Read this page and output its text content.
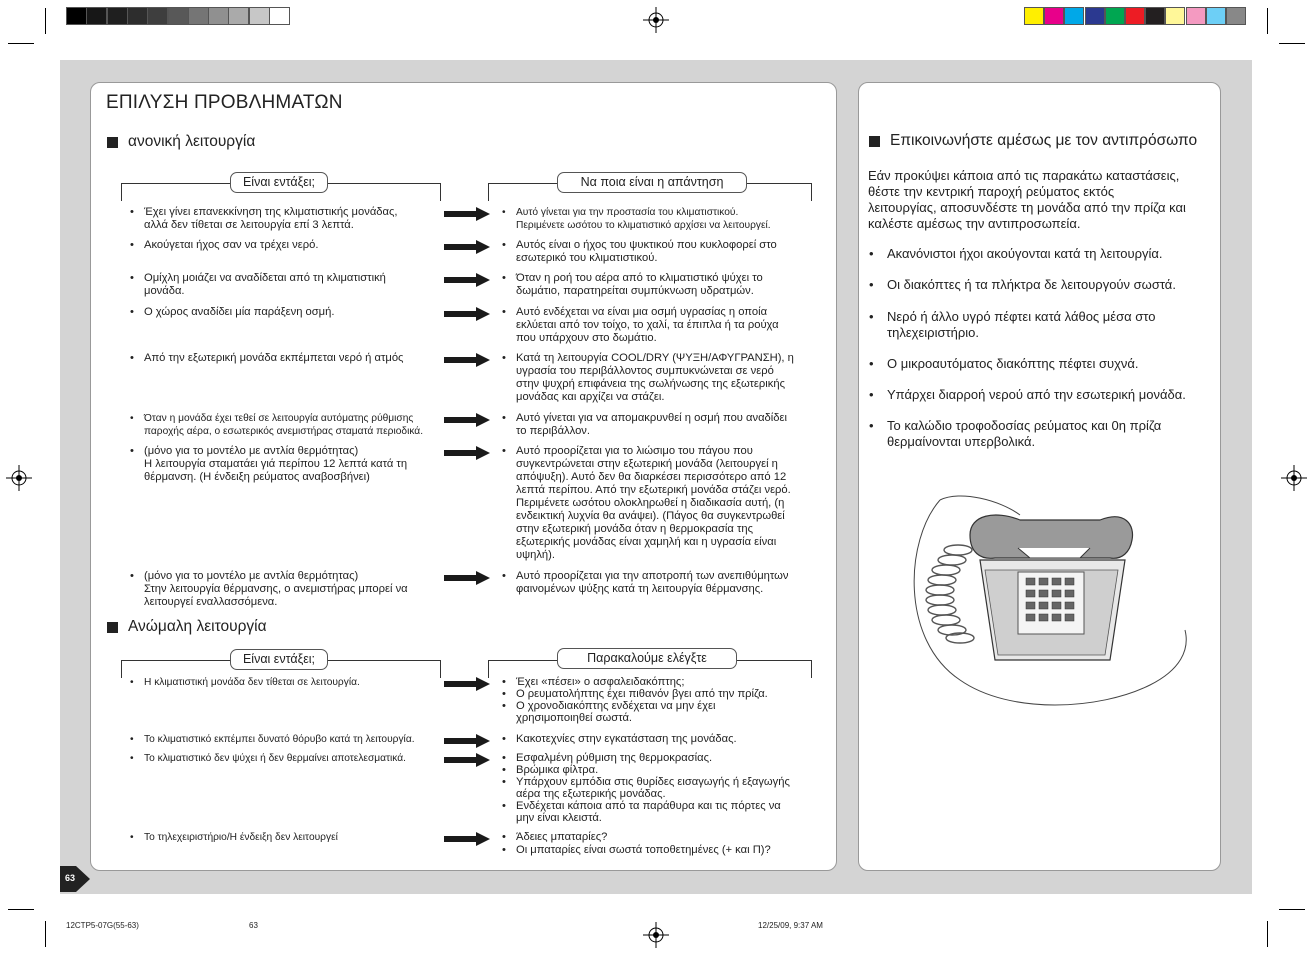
ΕΠΙΛΥΣΗ ΠΡΟΒΛΗΜΑΤΩΝ
ανονική λειτουργία
Είναι εντάξει;	Να ποια είναι η απάντηση
• Έχει γίνει επανεκκίνηση της κλιματιστικής μονάδας,
αλλά δεν τίθεται σε λειτουργία επί 3 λεπτά.
• Αυτό γίνεται για την προστασία του κλιματιστικού.
Περιμένετε ωσότου το κλιματιστικό αρχίσει να λειτουργεί.
• Ακούγεται ήχος σαν να τρέχει νερό.	• Αυτός είναι ο ήχος του ψυκτικού που κυκλοφορεί στο
εσωτερικό του κλιματιστικού.
• Ομίχλη μοιάζει να αναδίδεται από τη κλιματιστική
μονάδα.
• Όταν η ροή του αέρα από το κλιματιστικό ψύχει το
δωμάτιο, παρατηρείται συμπύκνωση υδρατμών.
• Ο χώρος αναδίδει μία παράξενη οσμή.	• Αυτό ενδέχεται να είναι μια οσμή υγρασίας η οποία
εκλύεται από τον τοίχο, το χαλί, τα έπιπλα ή τα ρούχα
που υπάρχουν στο δωμάτιο.
• Από την εξωτερική μονάδα εκπέμπεται νερό ή ατμός	• Κατά τη λειτουργία COOL/DRY (ΨΥΞΗ/ΑΦΥΓΡΑΝΣΗ), η
υγρασία του περιβάλλοντος συμπυκνώνεται σε νερό
στην ψυχρή επιφάνεια της σωλήνωσης της εξωτερικής
μονάδας και αρχίζει να στάζει.
• Όταν η μονάδα έχει τεθεί σε λειτουργία αυτόματης ρύθμισης
παροχής αέρα, ο εσωτερικός ανεμιστήρας σταματά περιοδικά.
• Αυτό γίνεται για να απομακρυνθεί η οσμή που αναδίδει
το περιβάλλον.
• (μόνο για το μοντέλο με αντλία θερμότητας)
Η λειτουργία σταματάει γιά περίπου 12 λεπτά κατά τη
θέρμανση. (Η ένδειξη ρεύματος αναβοσβήνει)
• Αυτό προορίζεται για το λιώσιμο του πάγου που
συγκεντρώνεται στην εξωτερική μονάδα (λειτουργεί η
απόψυξη). Αυτό δεν θα διαρκέσει περισσότερο από 12
λεπτά περίπου. Από την εξωτερική μονάδα στάζει νερό.
Περιμένετε ωσότου ολοκληρωθεί η διαδικασία αυτή, (η
ενδεικτική λυχνία θα ανάψει). (Πάγος θα συγκεντρωθεί
στην εξωτερική μονάδα όταν η θερμοκρασία της
εξωτερικής μονάδας είναι χαμηλή και η υγρασία είναι
υψηλή).
• (μόνο για το μοντέλο με αντλία θερμότητας)
Στην λειτουργία θέρμανσης, ο ανεμιστήρας μπορεί να
λειτουργεί εναλλασσόμενα.
• Αυτό προορίζεται για την αποτροπή των ανεπιθύμητων
φαινομένων ψύξης κατά τη λειτουργία θέρμανσης.
Ανώμαλη λειτουργία
Είναι εντάξει;	Παρακαλούμε ελέγξτε
• Η κλιματιστική μονάδα δεν τίθεται σε λειτουργία.	• Έχει «πέσει» ο ασφαλειδακόπτης;
• Ο ρευματολήπτης έχει πιθανόν βγει από την πρίζα.
• Ο χρονοδιακόπτης ενδέχεται να μην έχει
χρησιμοποιηθεί σωστά.
• Το κλιματιστικό εκπέμπει δυνατό θόρυβο κατά τη λειτουργία.	• Κακοτεχνίες στην εγκατάσταση της μονάδας.
• Το κλιματιστικό δεν ψύχει ή δεν θερμαίνει αποτελεσματικά.	• Εσφαλμένη ρύθμιση της θερμοκρασίας.
• Βρώμικα φίλτρα.
• Υπάρχουν εμπόδια στις θυρίδες εισαγωγής ή εξαγωγής
αέρα της εξωτερικής μονάδας.
• Ενδέχεται κάποια από τα παράθυρα και τις πόρτες να
μην είναι κλειστά.
• Το τηλεχειριστήριο/Η ένδειξη δεν λειτουργεί	• Άδειες μπαταρίες?
• Οι μπαταρίες είναι σωστά τοποθετημένες (+ και Π)?
Επικοινωνήστε αμέσως με τον αντιπρόσωπο
Εάν προκύψει κάποια από τις παρακάτω καταστάσεις,
θέστε την κεντρική παροχή ρεύματος εκτός
λειτουργίας, αποσυνδέστε τη μονάδα από την πρίζα και
καλέστε αμέσως την αντιπροσωπεία.
• Ακανόνιστοι ήχοι ακούγονται κατά τη λειτουργία.
• Οι διακόπτες ή τα πλήκτρα δε λειτουργούν σωστά.
• Νερό ή άλλο υγρό πέφτει κατά λάθος μέσα στο
τηλεχειριστήριο.
• Ο μικροαυτόματος διακόπτης πέφτει συχνά.
• Υπάρχει διαρροή νερού από την εσωτερική μονάδα.
• Το καλώδιο τροφοδοσίας ρεύματος και 0η πρίζα
θερμαίνονται υπερβολικά.
63
12CTP5-07G(55-63)	63	12/25/09, 9:37 AM
